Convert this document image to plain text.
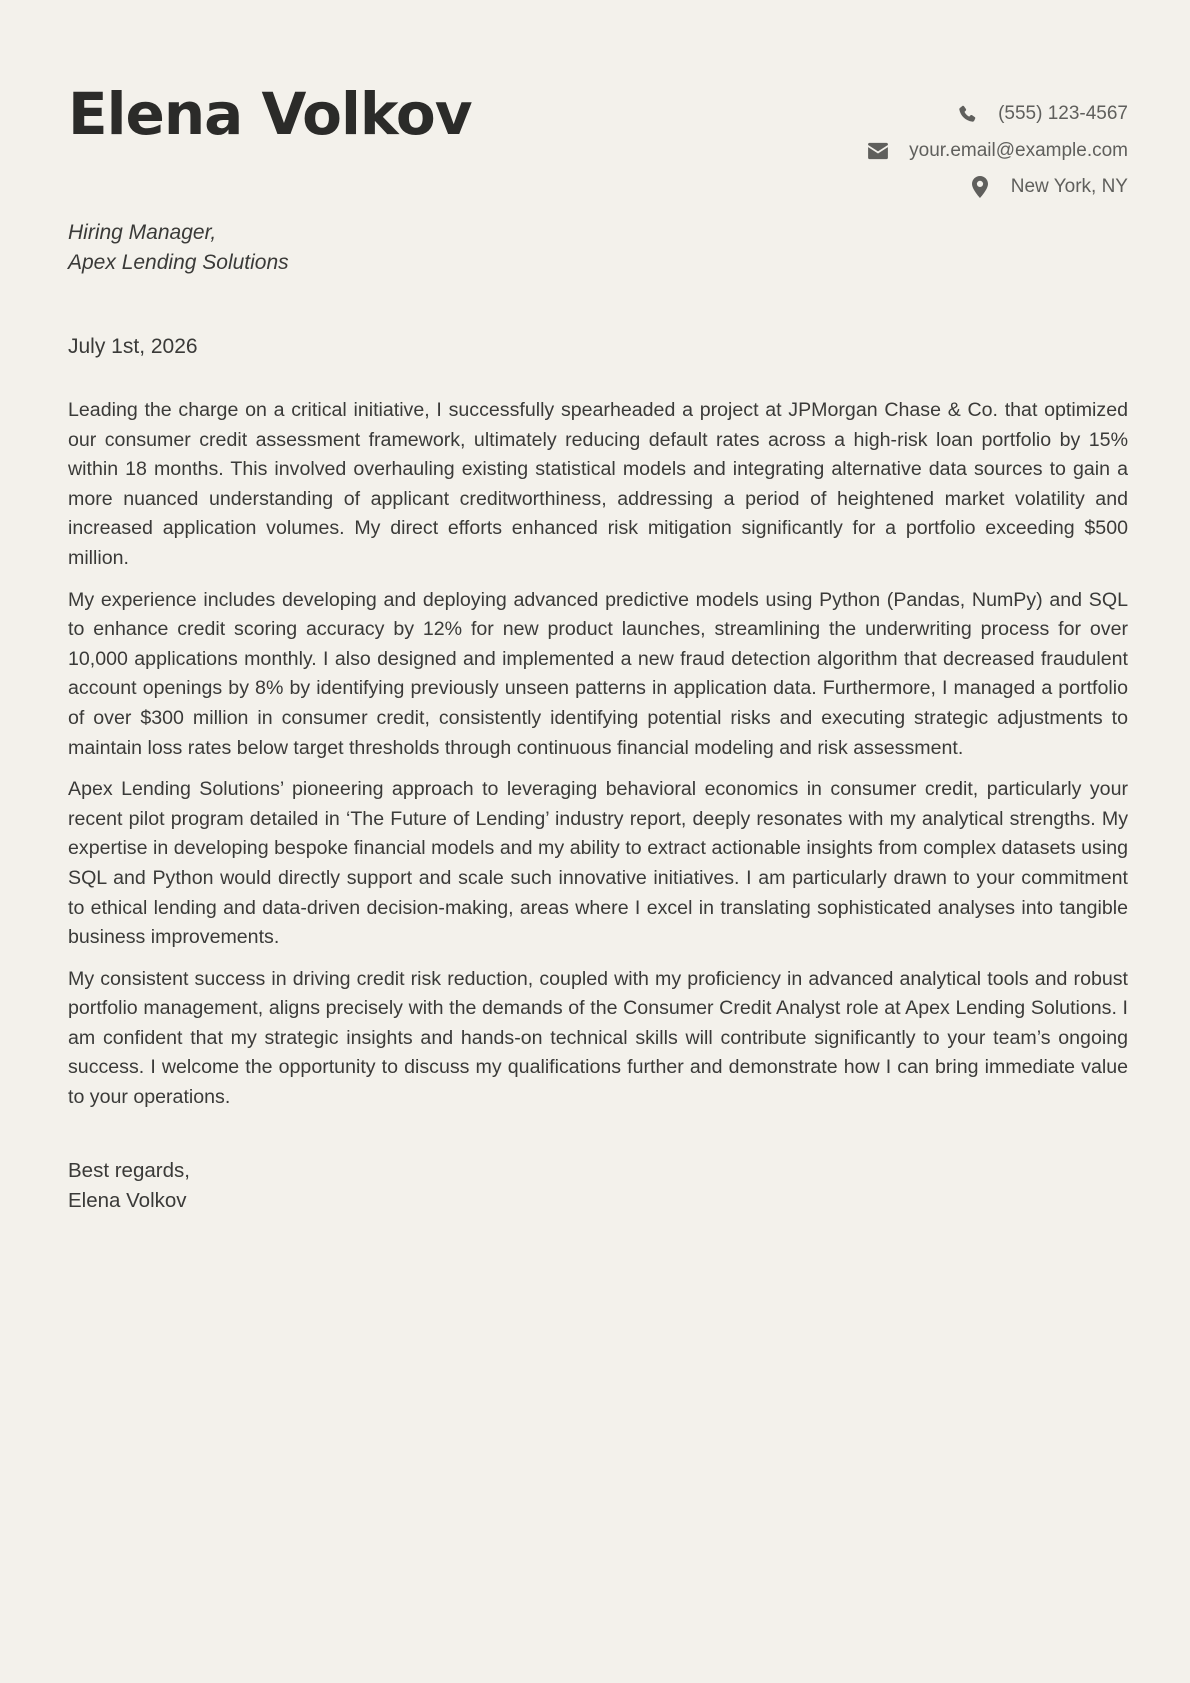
Elena Volkov	(555) 123-4567
your.email@example.com
New York, NY
Hiring Manager,
Apex Lending Solutions
July 1st, 2026

Leading the charge on a critical initiative, I successfully spearheaded a project at JPMorgan Chase & Co. that optimized our consumer credit assessment framework, ultimately reducing default rates across a high-risk loan portfolio by 15% within 18 months. This involved overhauling existing statistical models and integrating alternative data sources to gain a more nuanced understanding of applicant creditworthiness, addressing a period of heightened market volatility and increased application volumes. My direct efforts enhanced risk mitigation significantly for a portfolio exceeding $500 million.

My experience includes developing and deploying advanced predictive models using Python (Pandas, NumPy) and SQL to enhance credit scoring accuracy by 12% for new product launches, streamlining the underwriting process for over 10,000 applications monthly. I also designed and implemented a new fraud detection algorithm that decreased fraudulent account openings by 8% by identifying previously unseen patterns in application data. Furthermore, I managed a portfolio of over $300 million in consumer credit, consistently identifying potential risks and executing strategic adjustments to maintain loss rates below target thresholds through continuous financial modeling and risk assessment.

Apex Lending Solutions’ pioneering approach to leveraging behavioral economics in consumer credit, particularly your recent pilot program detailed in ‘The Future of Lending’ industry report, deeply resonates with my analytical strengths. My expertise in developing bespoke financial models and my ability to extract actionable insights from complex datasets using SQL and Python would directly support and scale such innovative initiatives. I am particularly drawn to your commitment to ethical lending and data-driven decision-making, areas where I excel in translating sophisticated analyses into tangible business improvements.

My consistent success in driving credit risk reduction, coupled with my proficiency in advanced analytical tools and robust portfolio management, aligns precisely with the demands of the Consumer Credit Analyst role at Apex Lending Solutions. I am confident that my strategic insights and hands-on technical skills will contribute significantly to your team’s ongoing success. I welcome the opportunity to discuss my qualifications further and demonstrate how I can bring immediate value to your operations.

Best regards,
Elena Volkov
